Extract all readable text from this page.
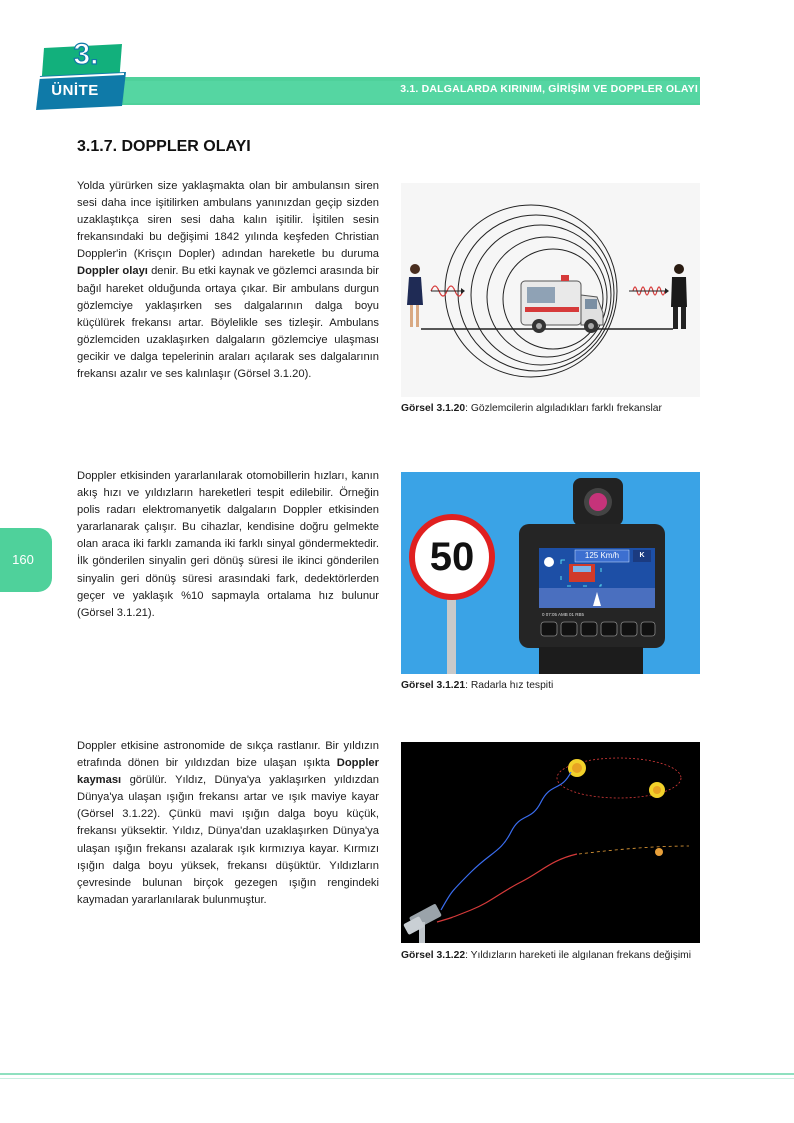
3.1. DALGALARDA KIRINIM, GİRİŞİM VE DOPPLER OLAYI
3.
ÜNİTE
3.1.7. DOPPLER OLAYI
Yolda yürürken size yaklaşmakta olan bir ambulansın siren sesi daha ince işitilirken ambulans yanınızdan geçip sizden uzaklaştıkça siren sesi daha kalın işitilir. İşitilen sesin frekansındaki bu değişimi 1842 yılında keşfeden Christian Doppler'in (Krisçın Dopler) adından hareketle bu duruma Doppler olayı denir. Bu etki kaynak ve gözlemci arasında bir bağıl hareket olduğunda ortaya çıkar. Bir ambulans durgun gözlemciye yaklaşırken ses dalgalarının dalga boyu küçülürek frekansı artar. Böylelikle ses tizleşir. Ambulans gözlemciden uzaklaşırken dalgaların gözlemciye ulaşması gecikir ve dalga tepelerinin araları açılarak ses dalgalarının frekansı azalır ve ses kalınlaşır (Görsel 3.1.20).
Görsel 3.1.20: Gözlemcilerin algıladıkları farklı frekanslar
Doppler etkisinden yararlanılarak otomobillerin hızları, kanın akış hızı ve yıldızların hareketleri tespit edilebilir. Örneğin polis radarı elektromanyetik dalgaların Doppler etkisinden yararlanarak çalışır. Bu cihazlar, kendisine doğru gelmekte olan araca iki farklı zamanda iki farklı sinyal göndermektedir. İlk gönderilen sinyalin geri dönüş süresi ile ikinci gönderilen sinyalin geri dönüş süresi arasındaki fark, dedektörlerden geçer ve yaklaşık %10 sapmayla ortalama hız bulunur (Görsel 3.1.21).
50	125 Km/h	K
0 07:05 AMB 01 RB5
Görsel 3.1.21: Radarla hız tespiti
Doppler etkisine astronomide de sıkça rastlanır. Bir yıldızın etrafında dönen bir yıldızdan bize ulaşan ışıkta Doppler kayması görülür. Yıldız, Dünya'ya yaklaşırken yıldızdan Dünya'ya ulaşan ışığın frekansı artar ve ışık maviye kayar (Görsel 3.1.22). Çünkü mavi ışığın dalga boyu küçük, frekansı yüksektir. Yıldız, Dünya'dan uzaklaşırken Dünya'ya ulaşan ışığın frekansı azalarak ışık kırmızıya kayar. Kırmızı ışığın dalga boyu yüksek, frekansı düşüktür. Yıldızların çevresinde bulunan birçok gezegen ışığın rengindeki kaymadan yararlanılarak bulunmuştur.
Görsel 3.1.22: Yıldızların hareketi ile algılanan frekans değişimi
160
